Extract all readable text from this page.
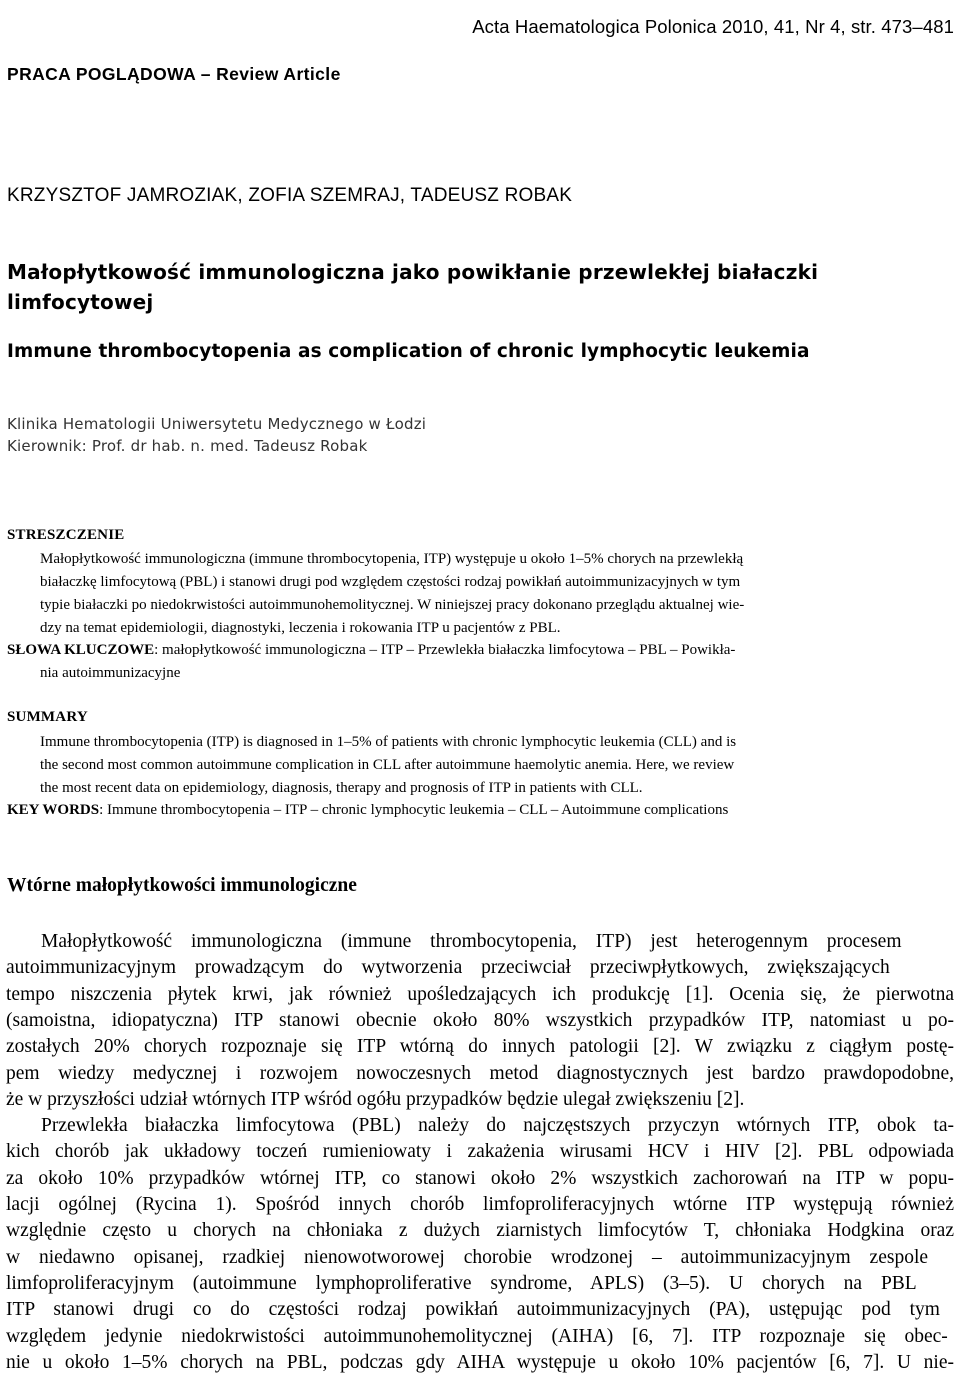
Acta Haematologica Polonica 2010, 41, Nr 4, str. 473–481
PRACA POGLĄDOWA – Review Article
KRZYSZTOF JAMROZIAK, ZOFIA SZEMRAJ, TADEUSZ ROBAK
Małopłytkowość immunologiczna jako powikłanie przewlekłej białaczki
limfocytowej
Immune thrombocytopenia as complication of chronic lymphocytic leukemia
Klinika Hematologii Uniwersytetu Medycznego w Łodzi
Kierownik: Prof. dr hab. n. med. Tadeusz Robak
STRESZCZENIE
Małopłytkowość immunologiczna (immune thrombocytopenia, ITP) występuje u około 1–5% chorych na przewlekłą
białaczkę limfocytową (PBL) i stanowi drugi pod względem częstości rodzaj powikłań autoimmunizacyjnych w tym
typie białaczki po niedokrwistości autoimmunohemolitycznej. W niniejszej pracy dokonano przeglądu aktualnej wie-
dzy na temat epidemiologii, diagnostyki, leczenia i rokowania ITP u pacjentów z PBL.
SŁOWA KLUCZOWE: małopłytkowość immunologiczna – ITP – Przewlekła białaczka limfocytowa – PBL – Powikła-
nia autoimmunizacyjne
SUMMARY
Immune thrombocytopenia (ITP) is diagnosed in 1–5% of patients with chronic lymphocytic leukemia (CLL) and is
the second most common autoimmune complication in CLL after autoimmune haemolytic anemia. Here, we review
the most recent data on epidemiology, diagnosis, therapy and prognosis of ITP in patients with CLL.
KEY WORDS: Immune thrombocytopenia – ITP – chronic lymphocytic leukemia – CLL – Autoimmune complications
Wtórne małopłytkowości immunologiczne
Małopłytkowość immunologiczna (immune thrombocytopenia, ITP) jest heterogennym procesem
autoimmunizacyjnym prowadzącym do wytworzenia przeciwciał przeciwpłytkowych, zwiększających
tempo niszczenia płytek krwi, jak również upośledzających ich produkcję [1]. Ocenia się, że pierwotna
(samoistna, idiopatyczna) ITP stanowi obecnie około 80% wszystkich przypadków ITP, natomiast u po-
zostałych 20% chorych rozpoznaje się ITP wtórną do innych patologii [2]. W związku z ciągłym postę-
pem wiedzy medycznej i rozwojem nowoczesnych metod diagnostycznych jest bardzo prawdopodobne,
że w przyszłości udział wtórnych ITP wśród ogółu przypadków będzie ulegał zwiększeniu [2].
Przewlekła białaczka limfocytowa (PBL) należy do najczęstszych przyczyn wtórnych ITP, obok ta-
kich chorób jak układowy toczeń rumieniowaty i zakażenia wirusami HCV i HIV [2]. PBL odpowiada
za około 10% przypadków wtórnej ITP, co stanowi około 2% wszystkich zachorowań na ITP w popu-
lacji ogólnej (Rycina 1). Spośród innych chorób limfoproliferacyjnych wtórne ITP występują również
względnie często u chorych na chłoniaka z dużych ziarnistych limfocytów T, chłoniaka Hodgkina oraz
w niedawno opisanej, rzadkiej nienowotworowej chorobie wrodzonej – autoimmunizacyjnym zespole
limfoproliferacyjnym (autoimmune lymphoproliferative syndrome, APLS) (3–5). U chorych na PBL
ITP stanowi drugi co do częstości rodzaj powikłań autoimmunizacyjnych (PA), ustępując pod tym
względem jedynie niedokrwistości autoimmunohemolitycznej (AIHA) [6, 7]. ITP rozpoznaje się obec-
nie u około 1–5% chorych na PBL, podczas gdy AIHA występuje u około 10% pacjentów [6, 7]. U nie-
